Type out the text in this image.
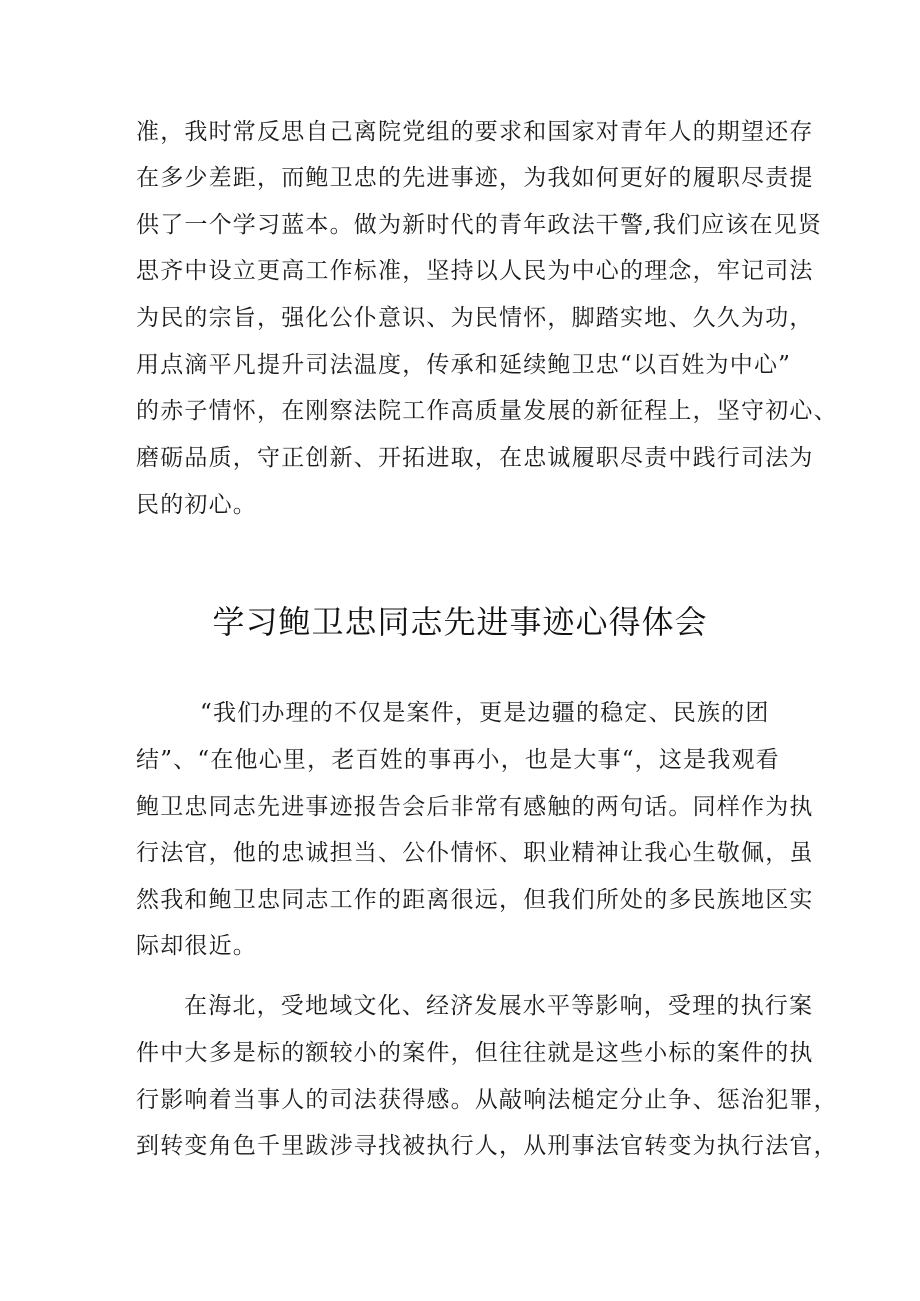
准，我时常反思自己离院党组的要求和国家对青年人的期望还存
在多少差距，而鲍卫忠的先进事迹，为我如何更好的履职尽责提
供了一个学习蓝本。做为新时代的青年政法干警,我们应该在见贤
思齐中设立更高工作标准，坚持以人民为中心的理念，牢记司法
为民的宗旨，强化公仆意识、为民情怀，脚踏实地、久久为功，
用点滴平凡提升司法温度，传承和延续鲍卫忠“以百姓为中心”
的赤子情怀，在刚察法院工作高质量发展的新征程上，坚守初心、
磨砺品质，守正创新、开拓进取，在忠诚履职尽责中践行司法为
民的初心。
学习鲍卫忠同志先进事迹心得体会
“我们办理的不仅是案件，更是边疆的稳定、民族的团
结”、“在他心里，老百姓的事再小，也是大事“，这是我观看
鲍卫忠同志先进事迹报告会后非常有感触的两句话。同样作为执
行法官，他的忠诚担当、公仆情怀、职业精神让我心生敬佩，虽
然我和鲍卫忠同志工作的距离很远，但我们所处的多民族地区实
际却很近。
在海北，受地域文化、经济发展水平等影响，受理的执行案
件中大多是标的额较小的案件，但往往就是这些小标的案件的执
行影响着当事人的司法获得感。从敲响法槌定分止争、惩治犯罪，
到转变角色千里跋涉寻找被执行人，从刑事法官转变为执行法官，
